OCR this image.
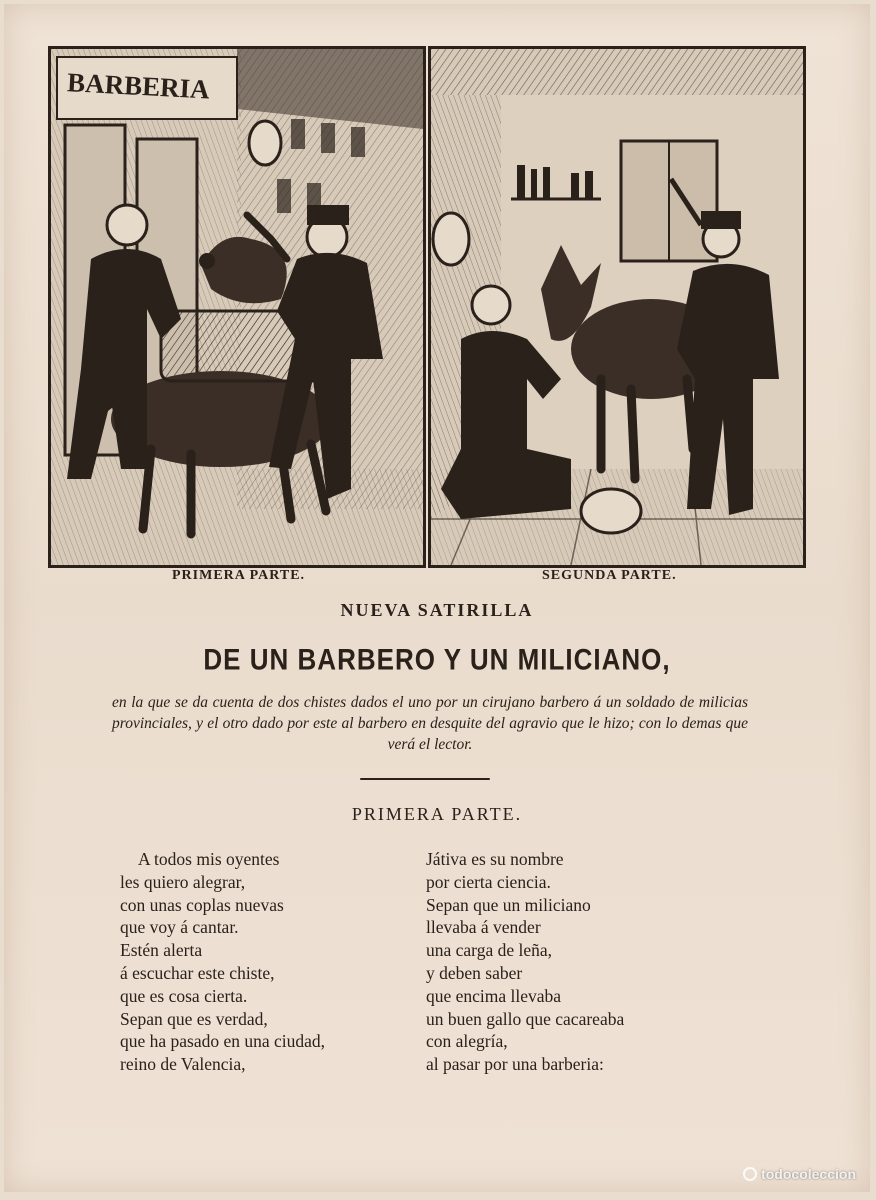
BARBERIA
PRIMERA PARTE.	SEGUNDA PARTE.
NUEVA SATIRILLA
DE UN BARBERO Y UN MILICIANO,
en la que se da cuenta de dos chistes dados el uno por un cirujano barbero á un soldado de milicias provinciales, y el otro dado por este al barbero en desquite del agravio que le hizo; con lo demas que verá el lector.
PRIMERA PARTE.
A todos mis oyentes
les quiero alegrar,
con unas coplas nuevas
que voy á cantar.
Estén alerta
á escuchar este chiste,
que es cosa cierta.
Sepan que es verdad,
que ha pasado en una ciudad,
reino de Valencia,
Játiva es su nombre
por cierta ciencia.
Sepan que un miliciano
llevaba á vender
una carga de leña,
y deben saber
que encima llevaba
un buen gallo que cacareaba
con alegría,
al pasar por una barberia:
todocoleccion
